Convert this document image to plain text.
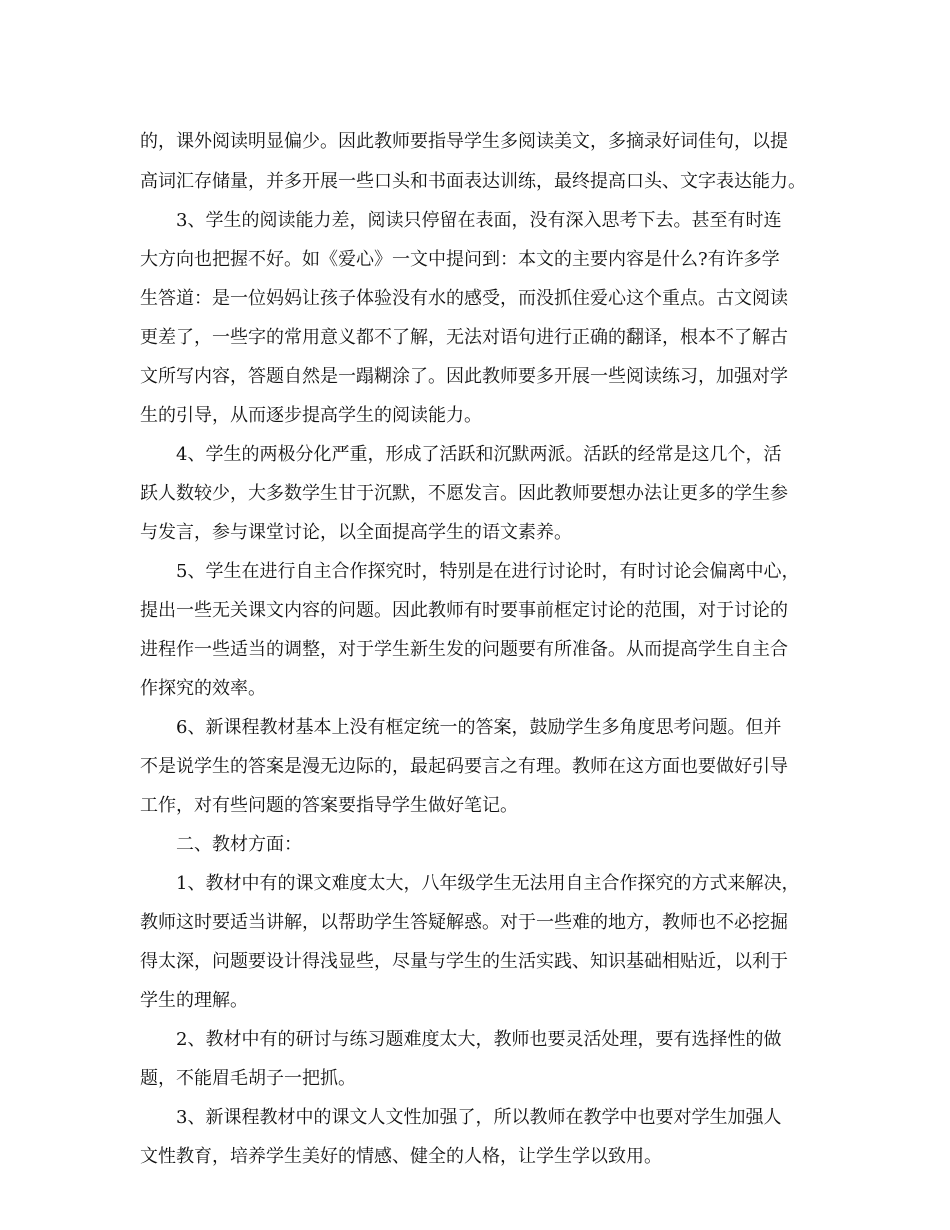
的，课外阅读明显偏少。因此教师要指导学生多阅读美文，多摘录好词佳句，以提
高词汇存储量，并多开展一些口头和书面表达训练，最终提高口头、文字表达能力。
3、学生的阅读能力差，阅读只停留在表面，没有深入思考下去。甚至有时连
大方向也把握不好。如《爱心》一文中提问到：本文的主要内容是什么?有许多学
生答道：是一位妈妈让孩子体验没有水的感受，而没抓住爱心这个重点。古文阅读
更差了，一些字的常用意义都不了解，无法对语句进行正确的翻译，根本不了解古
文所写内容，答题自然是一蹋糊涂了。因此教师要多开展一些阅读练习，加强对学
生的引导，从而逐步提高学生的阅读能力。
4、学生的两极分化严重，形成了活跃和沉默两派。活跃的经常是这几个，活
跃人数较少，大多数学生甘于沉默，不愿发言。因此教师要想办法让更多的学生参
与发言，参与课堂讨论，以全面提高学生的语文素养。
5、学生在进行自主合作探究时，特别是在进行讨论时，有时讨论会偏离中心，
提出一些无关课文内容的问题。因此教师有时要事前框定讨论的范围，对于讨论的
进程作一些适当的调整，对于学生新生发的问题要有所准备。从而提高学生自主合
作探究的效率。
6、新课程教材基本上没有框定统一的答案，鼓励学生多角度思考问题。但并
不是说学生的答案是漫无边际的，最起码要言之有理。教师在这方面也要做好引导
工作，对有些问题的答案要指导学生做好笔记。
二、教材方面：
1、教材中有的课文难度太大，八年级学生无法用自主合作探究的方式来解决，
教师这时要适当讲解，以帮助学生答疑解惑。对于一些难的地方，教师也不必挖掘
得太深，问题要设计得浅显些，尽量与学生的生活实践、知识基础相贴近，以利于
学生的理解。
2、教材中有的研讨与练习题难度太大，教师也要灵活处理，要有选择性的做
题，不能眉毛胡子一把抓。
3、新课程教材中的课文人文性加强了，所以教师在教学中也要对学生加强人
文性教育，培养学生美好的情感、健全的人格，让学生学以致用。
